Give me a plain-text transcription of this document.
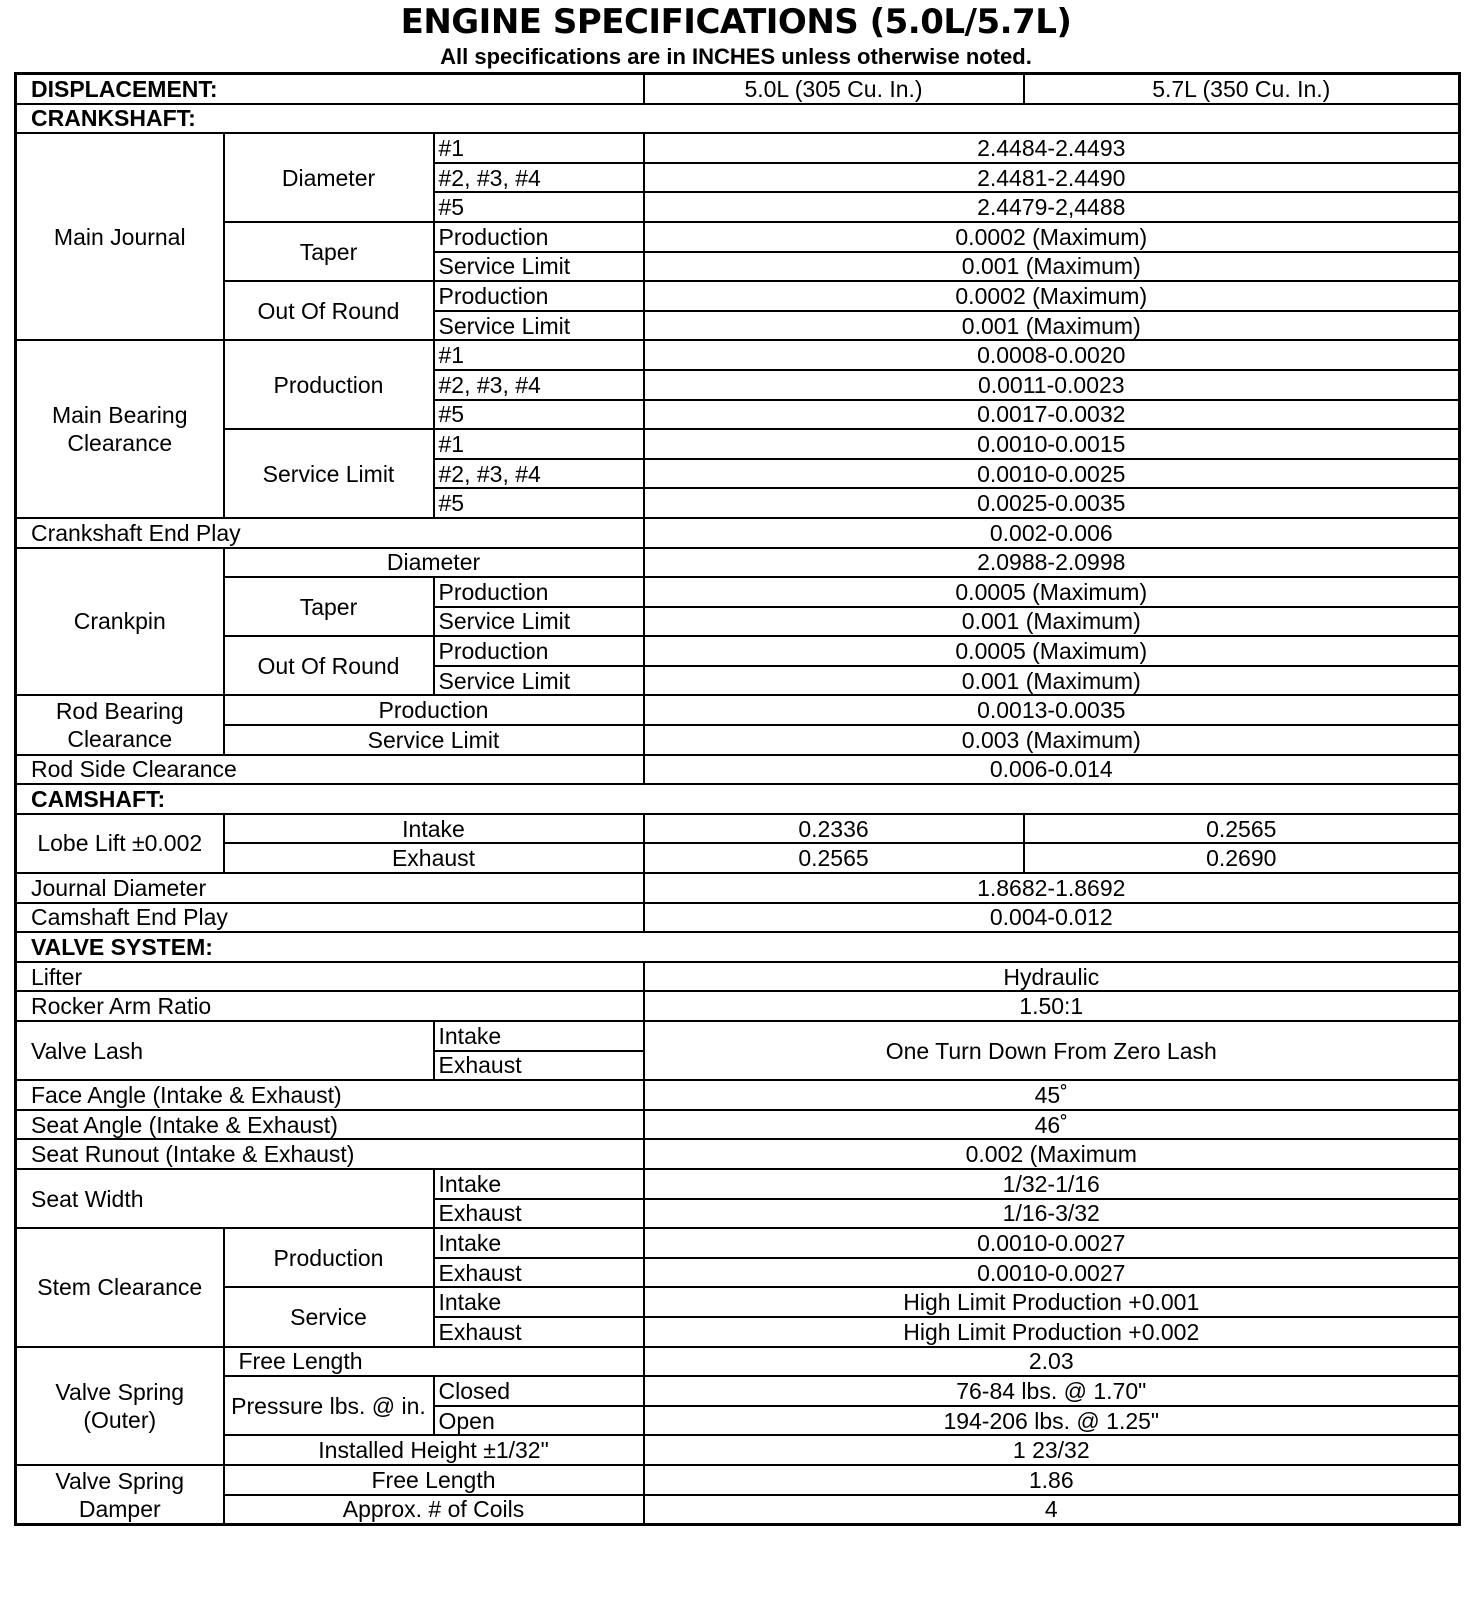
ENGINE SPECIFICATIONS (5.0L/5.7L)
All specifications are in INCHES unless otherwise noted.
DISPLACEMENT:			5.0L (305 Cu. In.)	5.7L (350 Cu. In.)
CRANKSHAFT:				
Main Journal	Diameter	#1	2.4484-2.4493	
		#2, #3, #4	2.4481-2.4490	
		#5	2.4479-2,4488	
	Taper	Production	0.0002 (Maximum)	
		Service Limit	0.001 (Maximum)	
	Out Of Round	Production	0.0002 (Maximum)	
		Service Limit	0.001 (Maximum)	
Main Bearing Clearance	Production	#1	0.0008-0.0020	
		#2, #3, #4	0.0011-0.0023	
		#5	0.0017-0.0032	
	Service Limit	#1	0.0010-0.0015	
		#2, #3, #4	0.0010-0.0025	
		#5	0.0025-0.0035	
Crankshaft End Play			0.002-0.006	
Crankpin	Diameter		2.0988-2.0998	
	Taper	Production	0.0005 (Maximum)	
		Service Limit	0.001 (Maximum)	
	Out Of Round	Production	0.0005 (Maximum)	
		Service Limit	0.001 (Maximum)	
Rod Bearing Clearance	Production		0.0013-0.0035	
	Service Limit		0.003 (Maximum)	
Rod Side Clearance			0.006-0.014	
CAMSHAFT:				
Lobe Lift ±0.002	Intake		0.2336	0.2565
	Exhaust		0.2565	0.2690
Journal Diameter			1.8682-1.8692	
Camshaft End Play			0.004-0.012	
VALVE SYSTEM:				
Lifter			Hydraulic	
Rocker Arm Ratio			1.50:1	
Valve Lash		Intake	One Turn Down From Zero Lash	
		Exhaust		
Face Angle (Intake & Exhaust)			45˚	
Seat Angle (Intake & Exhaust)			46˚	
Seat Runout (Intake & Exhaust)			0.002 (Maximum	
Seat Width		Intake	1/32-1/16	
		Exhaust	1/16-3/32	
Stem Clearance	Production	Intake	0.0010-0.0027	
		Exhaust	0.0010-0.0027	
	Service	Intake	High Limit Production +0.001	
		Exhaust	High Limit Production +0.002	
Valve Spring (Outer)	Free Length		2.03	
	Pressure lbs. @ in.	Closed	76-84 lbs. @ 1.70"	
		Open	194-206 lbs. @ 1.25"	
	Installed Height ±1/32"		1 23/32	
Valve Spring Damper	Free Length		1.86	
	Approx. # of Coils		4	
